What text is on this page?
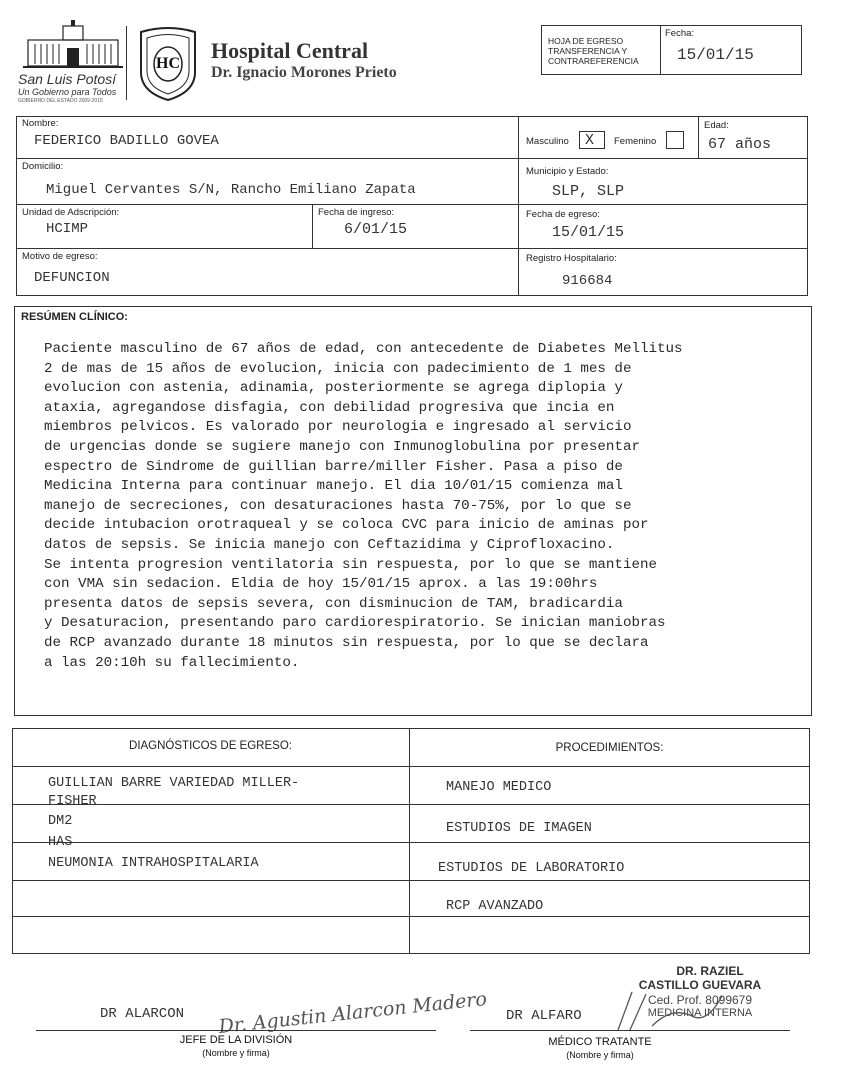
San Luis Potosí
Un Gobierno para Todos
GOBIERNO DEL ESTADO 2009-2015
HC
Hospital Central
Dr. Ignacio Morones Prieto
HOJA DE EGRESO
TRANSFERENCIA Y
CONTRAREFERENCIA
Fecha:
15/01/15
Nombre:
FEDERICO BADILLO GOVEA	Masculino X Femenino
Edad:
67 años
Domicilio:
Miguel Cervantes S/N, Rancho Emiliano Zapata
Municipio y Estado:
SLP, SLP
Unidad de Adscripción:
HCIMP
Fecha de ingreso:
6/01/15
Fecha de egreso:
15/01/15
Motivo de egreso:
DEFUNCION
Registro Hospitalario:
916684
RESÚMEN CLÍNICO:
Paciente masculino de 67 años de edad, con antecedente de Diabetes Mellitus
2 de mas de 15 años de evolucion, inicia con padecimiento de 1 mes de
evolucion con astenia, adinamia, posteriormente se agrega diplopia y
ataxia, agregandose disfagia, con debilidad progresiva que incia en
miembros pelvicos. Es valorado por neurologia e ingresado al servicio
de urgencias donde se sugiere manejo con Inmunoglobulina por presentar
espectro de Sindrome de guillian barre/miller Fisher. Pasa a piso de
Medicina Interna para continuar manejo. El dia 10/01/15 comienza mal
manejo de secreciones, con desaturaciones hasta 70-75%, por lo que se
decide intubacion orotraqueal y se coloca CVC para inicio de aminas por
datos de sepsis. Se inicia manejo con Ceftazidima y Ciprofloxacino.
Se intenta progresion ventilatoria sin respuesta, por lo que se mantiene
con VMA sin sedacion. Eldia de hoy 15/01/15 aprox. a las 19:00hrs
presenta datos de sepsis severa, con disminucion de TAM, bradicardia
y Desaturacion, presentando paro cardiorespiratorio. Se inician maniobras
de RCP avanzado durante 18 minutos sin respuesta, por lo que se declara
a las 20:10h su fallecimiento.
DIAGNÓSTICOS DE EGRESO:	PROCEDIMIENTOS:
GUILLIAN BARRE VARIEDAD MILLER-
FISHER
DM2
HAS
NEUMONIA INTRAHOSPITALARIA
MANEJO MEDICO
ESTUDIOS DE IMAGEN
ESTUDIOS DE LABORATORIO
RCP AVANZADO
DR. RAZIEL
CASTILLO GUEVARA
Ced. Prof. 8099679
MEDICINA INTERNA
DR ALARCON Dr. Agustin Alarcon Madero DR ALFARO
JEFE DE LA DIVISIÓN
(Nombre y firma)
MÉDICO TRATANTE
(Nombre y firma)
